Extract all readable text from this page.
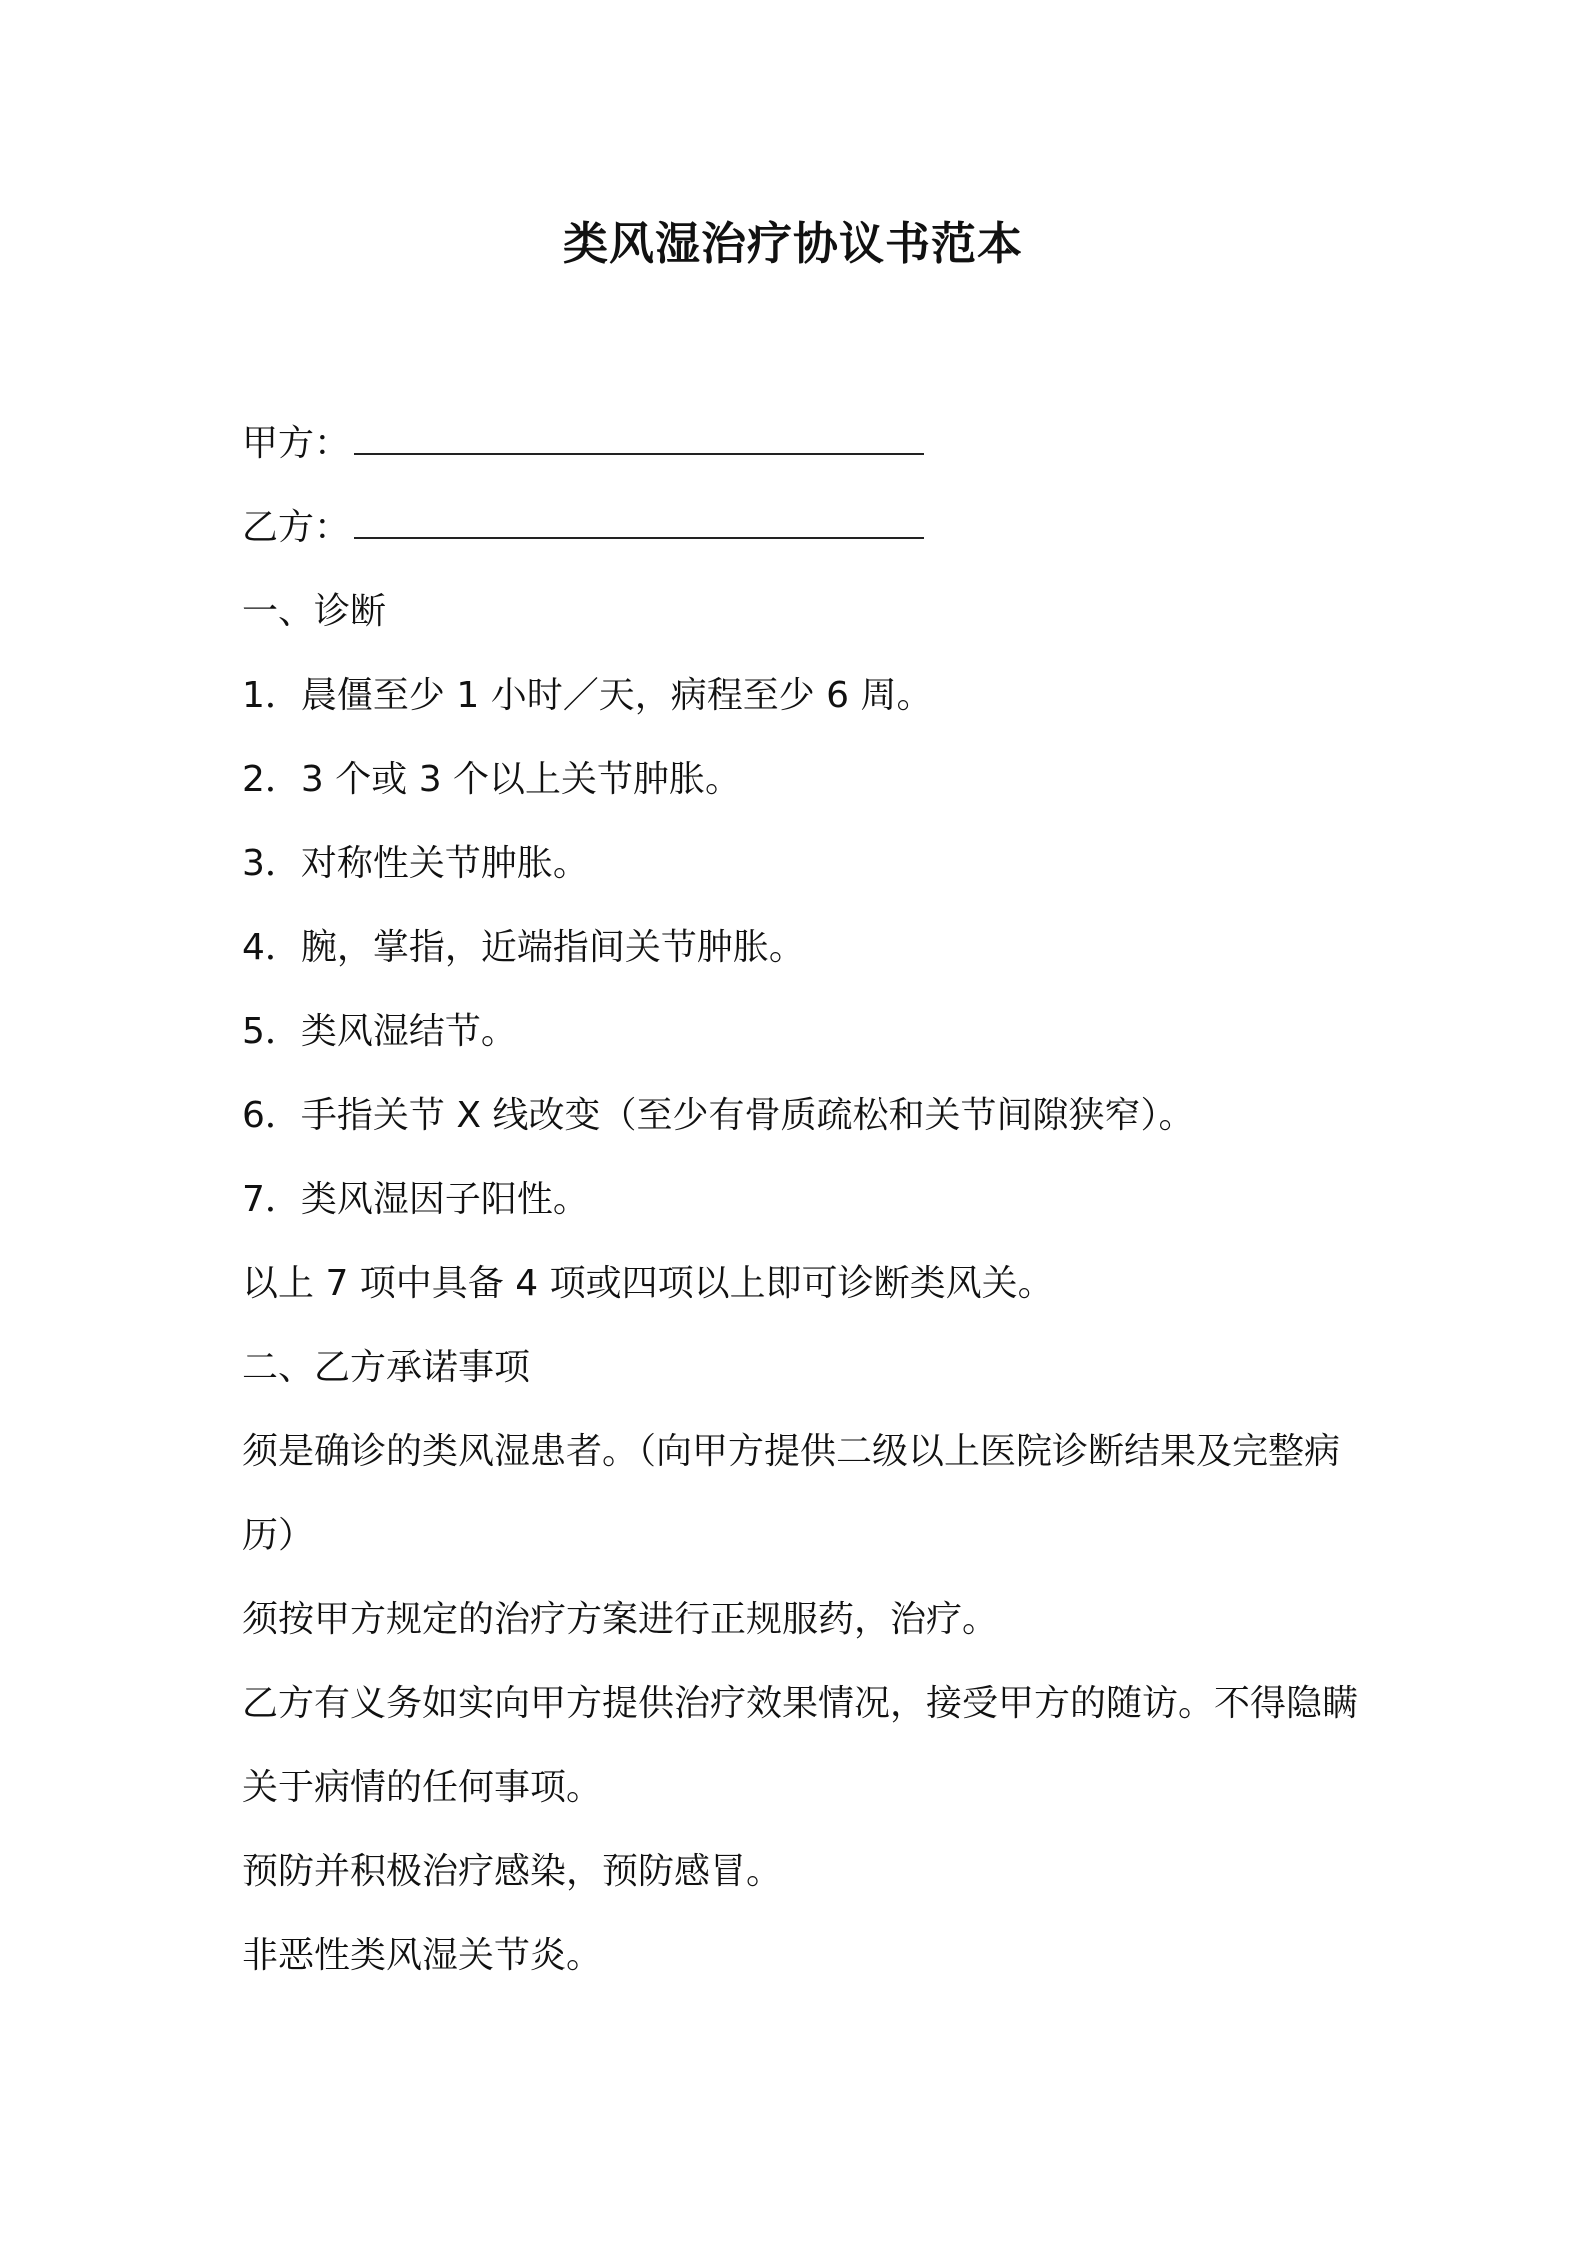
类风湿治疗协议书范本
甲方：
乙方：
一、诊断
1．晨僵至少 1 小时／天，病程至少 6 周。
2．3 个或 3 个以上关节肿胀。
3．对称性关节肿胀。
4．腕，掌指，近端指间关节肿胀。
5．类风湿结节。
6．手指关节 X 线改变（至少有骨质疏松和关节间隙狭窄）。
7．类风湿因子阳性。
以上 7 项中具备 4 项或四项以上即可诊断类风关。
二、乙方承诺事项
须是确诊的类风湿患者。（向甲方提供二级以上医院诊断结果及完整病历）
须按甲方规定的治疗方案进行正规服药，治疗。
乙方有义务如实向甲方提供治疗效果情况，接受甲方的随访。不得隐瞒关于病情的任何事项。
预防并积极治疗感染，预防感冒。
非恶性类风湿关节炎。
